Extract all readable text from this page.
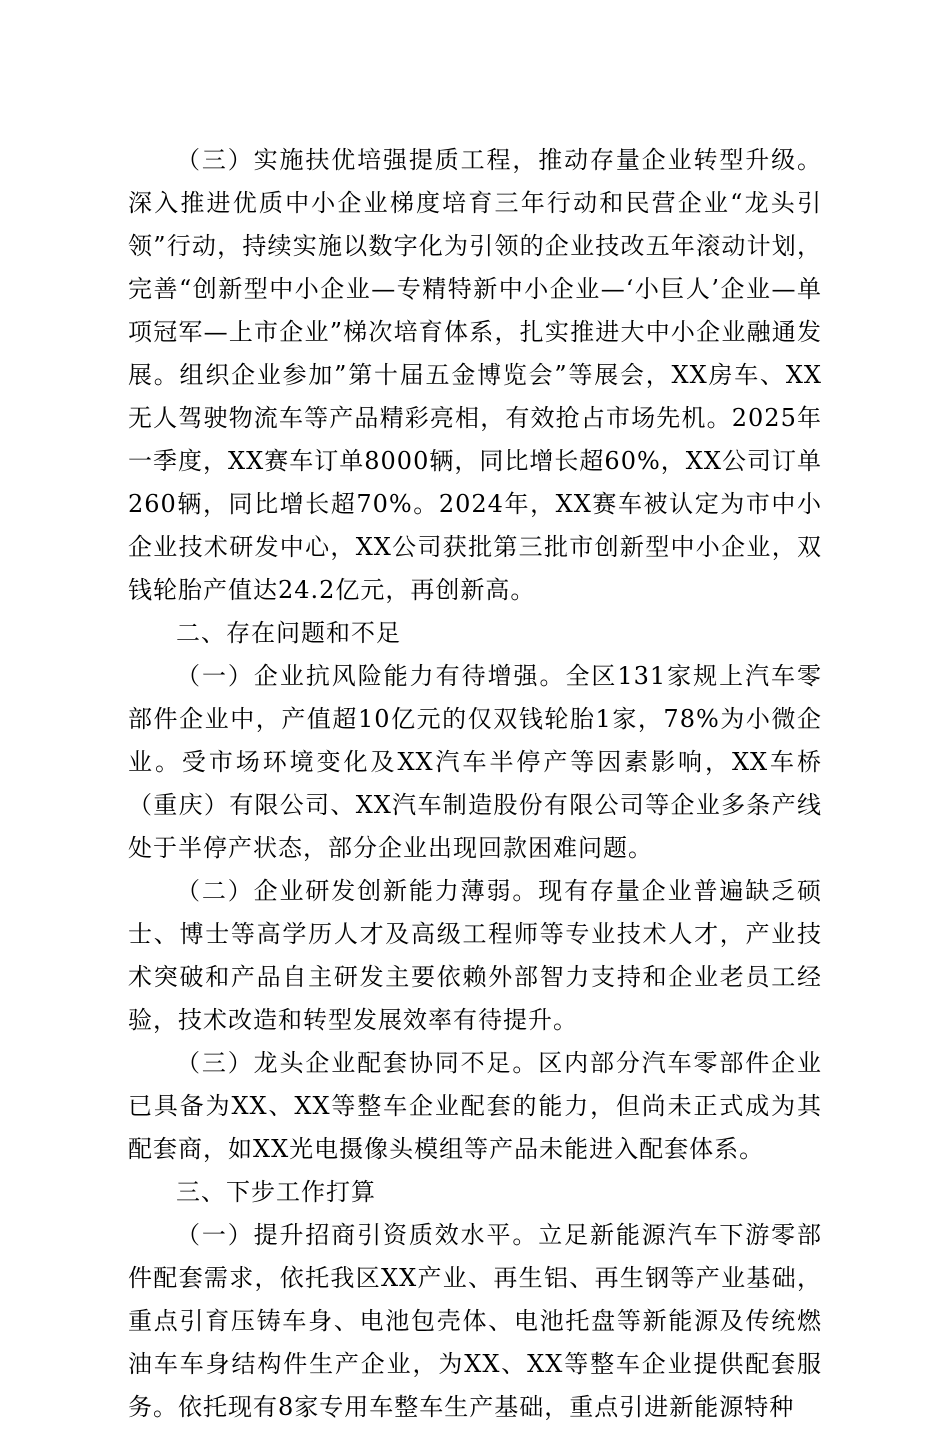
（三）实施扶优培强提质工程，推动存量企业转型升级。深入推进优质中小企业梯度培育三年行动和民营企业“龙头引领”行动，持续实施以数字化为引领的企业技改五年滚动计划，完善“创新型中小企业—专精特新中小企业—‘小巨人’企业—单项冠军—上市企业”梯次培育体系，扎实推进大中小企业融通发展。组织企业参加”第十届五金博览会”等展会，XX房车、XX无人驾驶物流车等产品精彩亮相，有效抢占市场先机。2025年一季度，XX赛车订单8000辆，同比增长超60%，XX公司订单260辆，同比增长超70%。2024年，XX赛车被认定为市中小企业技术研发中心，XX公司获批第三批市创新型中小企业，双钱轮胎产值达24.2亿元，再创新高。

二、存在问题和不足

（一）企业抗风险能力有待增强。全区131家规上汽车零部件企业中，产值超10亿元的仅双钱轮胎1家，78%为小微企业。受市场环境变化及XX汽车半停产等因素影响，XX车桥（重庆）有限公司、XX汽车制造股份有限公司等企业多条产线处于半停产状态，部分企业出现回款困难问题。

（二）企业研发创新能力薄弱。现有存量企业普遍缺乏硕士、博士等高学历人才及高级工程师等专业技术人才，产业技术突破和产品自主研发主要依赖外部智力支持和企业老员工经验，技术改造和转型发展效率有待提升。

（三）龙头企业配套协同不足。区内部分汽车零部件企业已具备为XX、XX等整车企业配套的能力，但尚未正式成为其配套商，如XX光电摄像头模组等产品未能进入配套体系。

三、下步工作打算

（一）提升招商引资质效水平。立足新能源汽车下游零部件配套需求，依托我区XX产业、再生铝、再生钢等产业基础，重点引育压铸车身、电池包壳体、电池托盘等新能源及传统燃油车车身结构件生产企业，为XX、XX等整车企业提供配套服务。依托现有8家专用车整车生产基础，重点引进新能源特种
